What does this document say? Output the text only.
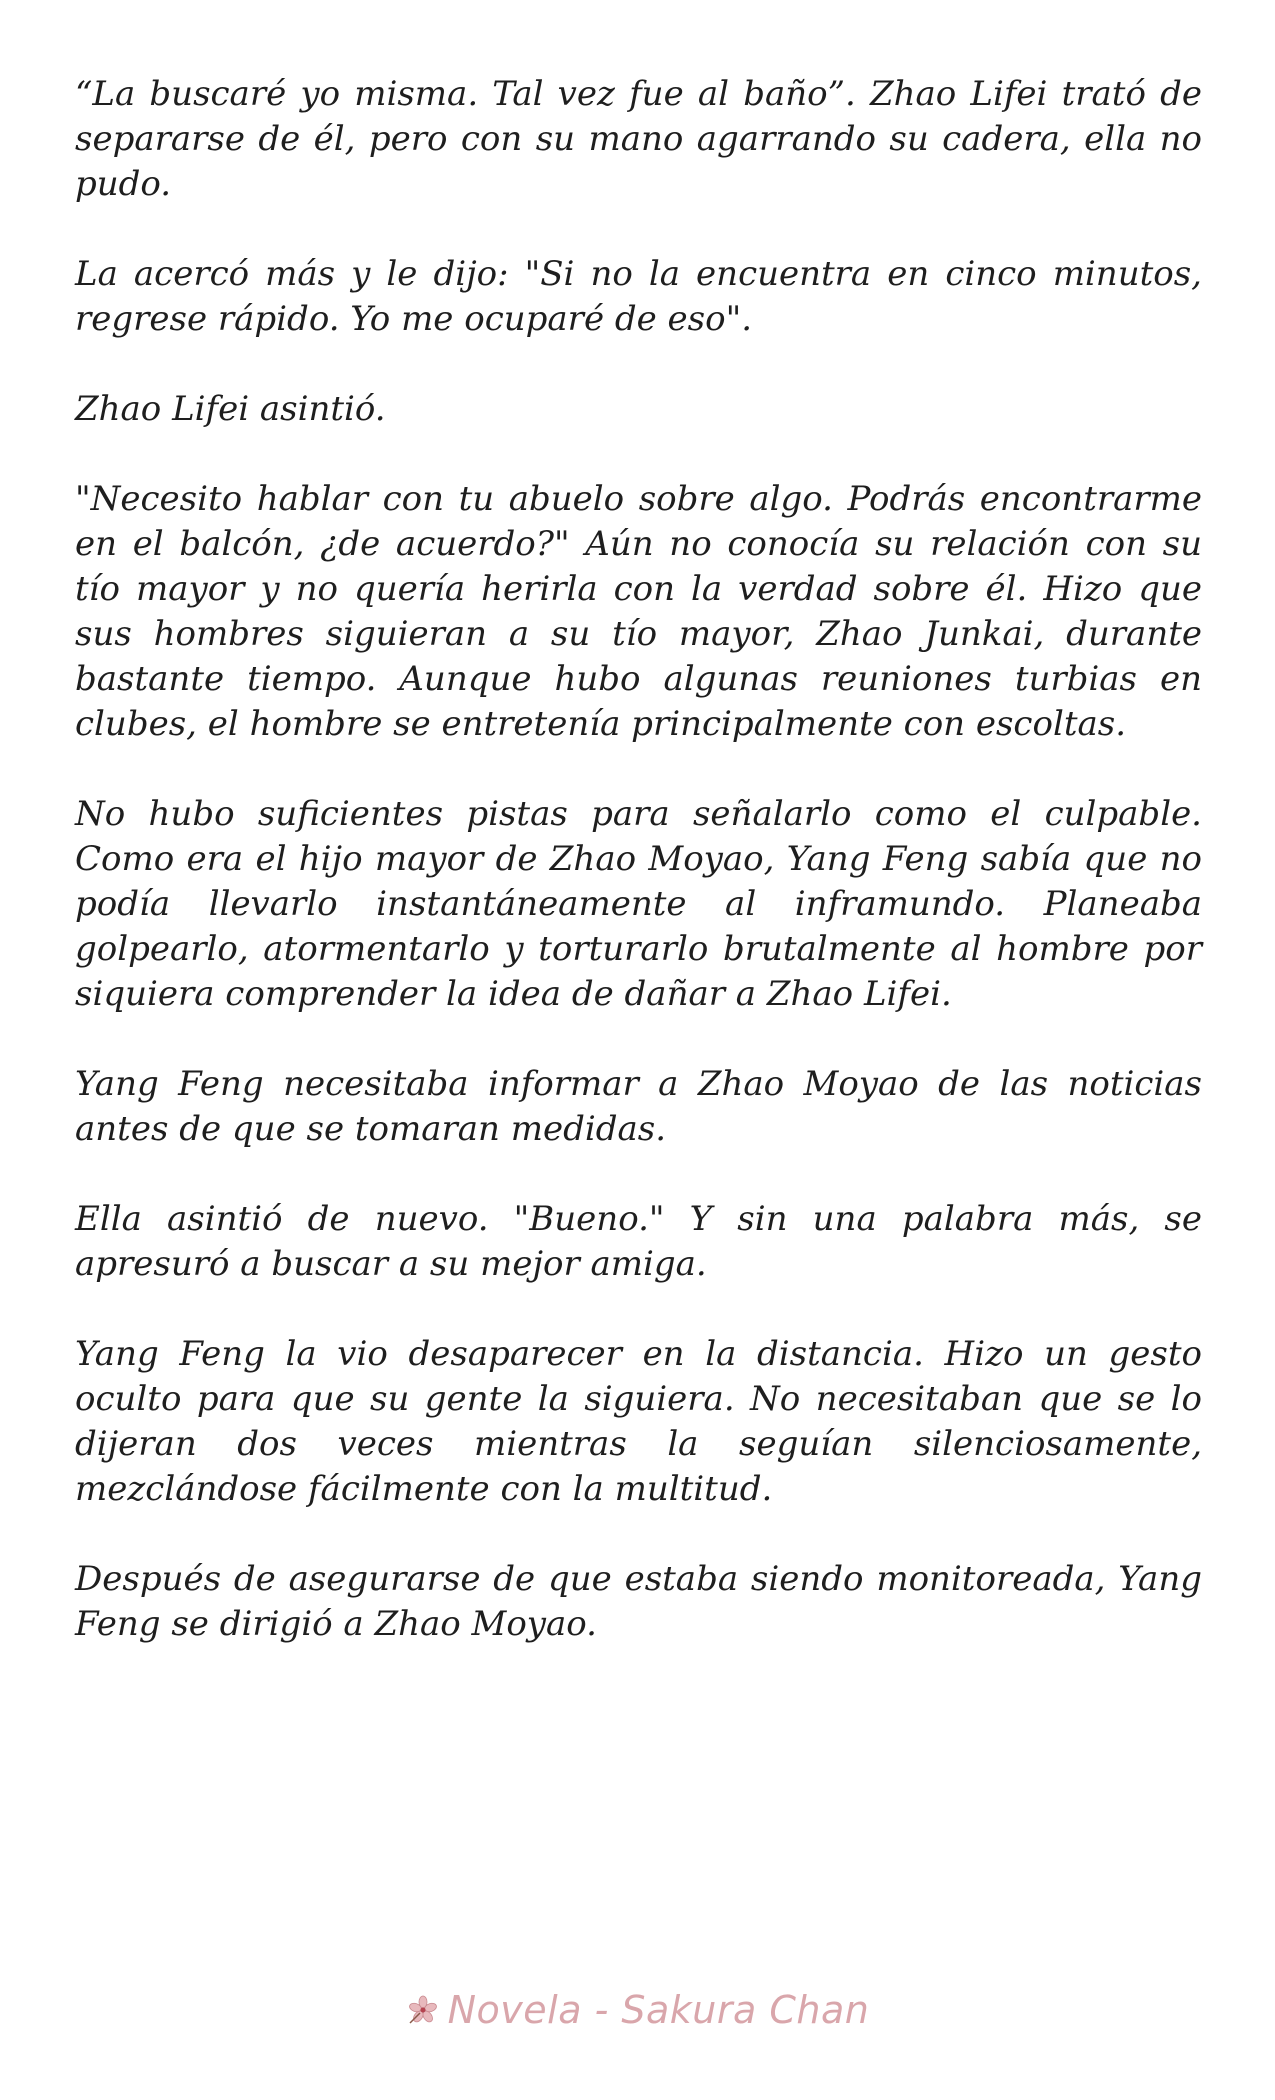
“La buscaré yo misma. Tal vez fue al baño”. Zhao Lifei trató de separarse de él, pero con su mano agarrando su cadera, ella no pudo.

La acercó más y le dijo: "Si no la encuentra en cinco minutos, regrese rápido. Yo me ocuparé de eso".

Zhao Lifei asintió.

"Necesito hablar con tu abuelo sobre algo. Podrás encontrarme en el balcón, ¿de acuerdo?" Aún no conocía su relación con su tío mayor y no quería herirla con la verdad sobre él. Hizo que sus hombres siguieran a su tío mayor, Zhao Junkai, durante bastante tiempo. Aunque hubo algunas reuniones turbias en clubes, el hombre se entretenía principalmente con escoltas.

No hubo suficientes pistas para señalarlo como el culpable. Como era el hijo mayor de Zhao Moyao, Yang Feng sabía que no podía llevarlo instantáneamente al inframundo. Planeaba golpearlo, atormentarlo y torturarlo brutalmente al hombre por siquiera comprender la idea de dañar a Zhao Lifei.

Yang Feng necesitaba informar a Zhao Moyao de las noticias antes de que se tomaran medidas.

Ella asintió de nuevo. "Bueno." Y sin una palabra más, se apresuró a buscar a su mejor amiga.

Yang Feng la vio desaparecer en la distancia. Hizo un gesto oculto para que su gente la siguiera. No necesitaban que se lo dijeran dos veces mientras la seguían silenciosamente, mezclándose fácilmente con la multitud.

Después de asegurarse de que estaba siendo monitoreada, Yang Feng se dirigió a Zhao Moyao.

Novela - Sakura Chan
